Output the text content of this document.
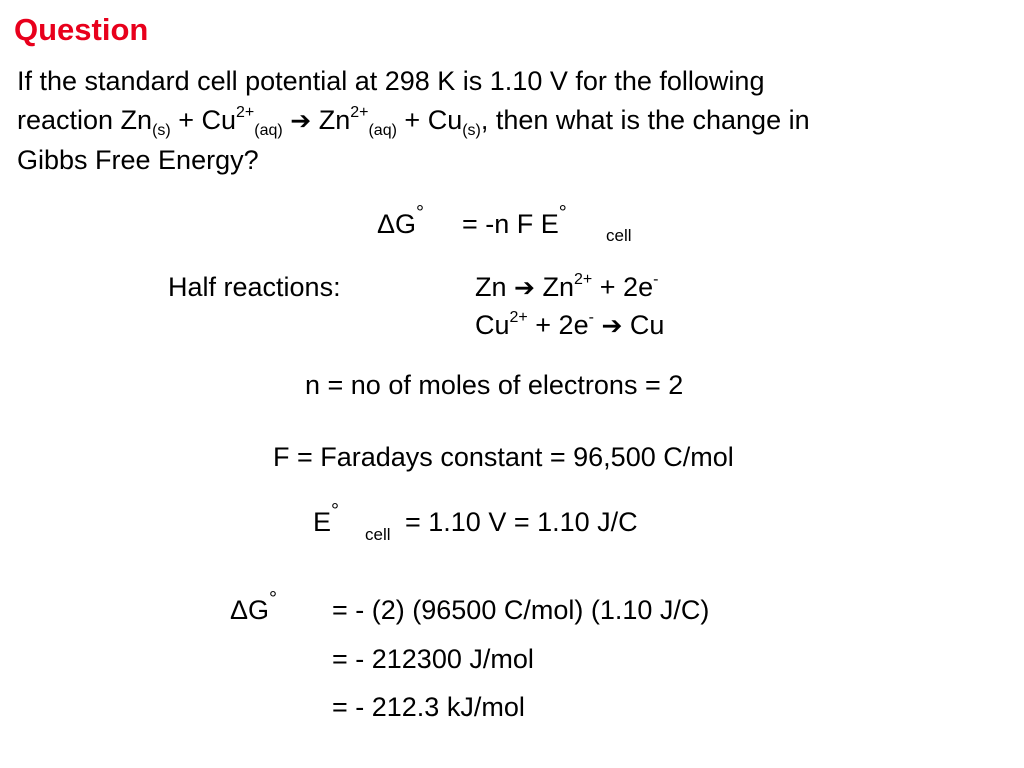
Question
If the standard cell potential at 298 K is 1.10 V for the following
reaction $Zn_{(s)} + Cu^{2+}_{(aq)}$ ➔ $Zn^{2+}_{(aq)} + Cu_{(s)}$, then what is the change in
Gibbs Free Energy?
ΔG° = -n F E°
cell
Half reactions:	Zn ➔ $Zn^{2+} + 2e^-$
$Cu^{2+} + 2e^-$ ➔ Cu
n = no of moles of electrons = 2
F = Faradays constant = 96,500 C/mol
E°
cell = 1.10 V = 1.10 J/C
ΔG° = - (2) (96500 C/mol) (1.10 J/C)
= - 212300 J/mol
= - 212.3 kJ/mol
